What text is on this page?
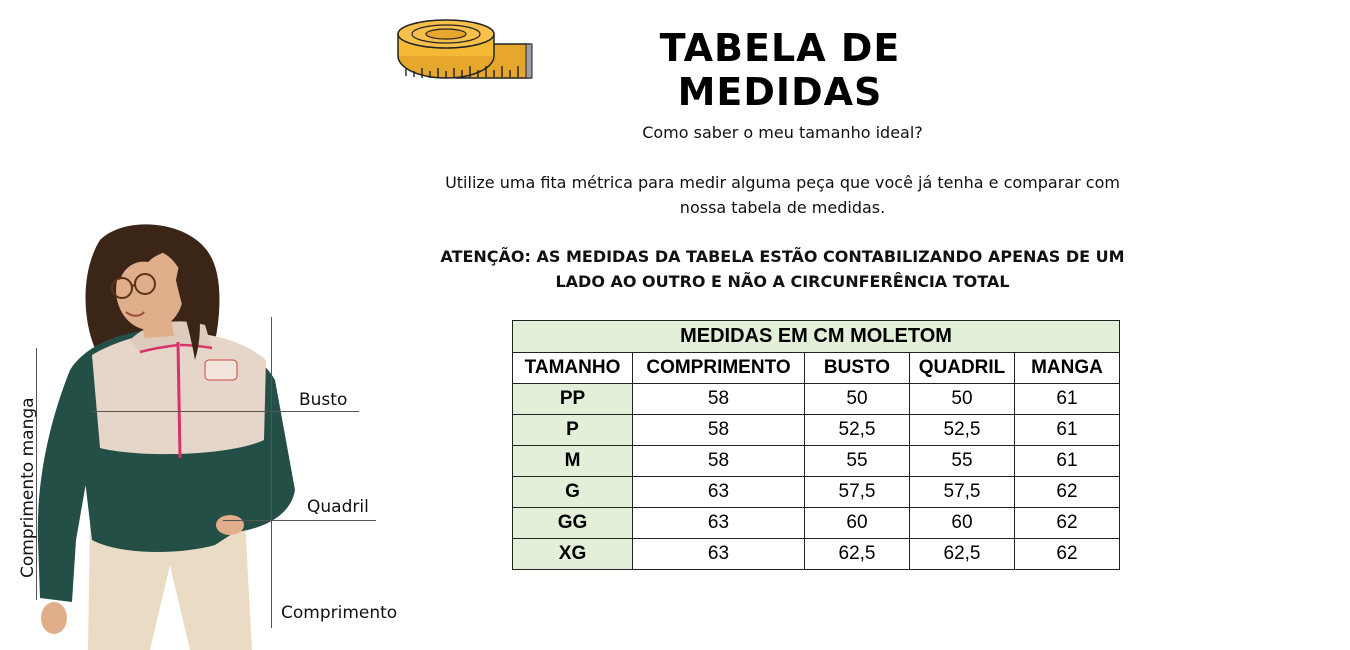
TABELA DE MEDIDAS
Como saber o meu tamanho ideal?
Utilize uma fita métrica para medir alguma peça que você já tenha e comparar com nossa tabela de medidas.
ATENÇÃO: AS MEDIDAS DA TABELA ESTÃO CONTABILIZANDO APENAS DE UM LADO AO OUTRO E NÃO A CIRCUNFERÊNCIA TOTAL
MEDIDAS EM CM MOLETOM				
TAMANHO	COMPRIMENTO	BUSTO	QUADRIL	MANGA
PP	58	50	50	61
P	58	52,5	52,5	61
M	58	55	55	61
G	63	57,5	57,5	62
GG	63	60	60	62
XG	63	62,5	62,5	62
Busto
Quadril
Comprimento
Comprimento manga
